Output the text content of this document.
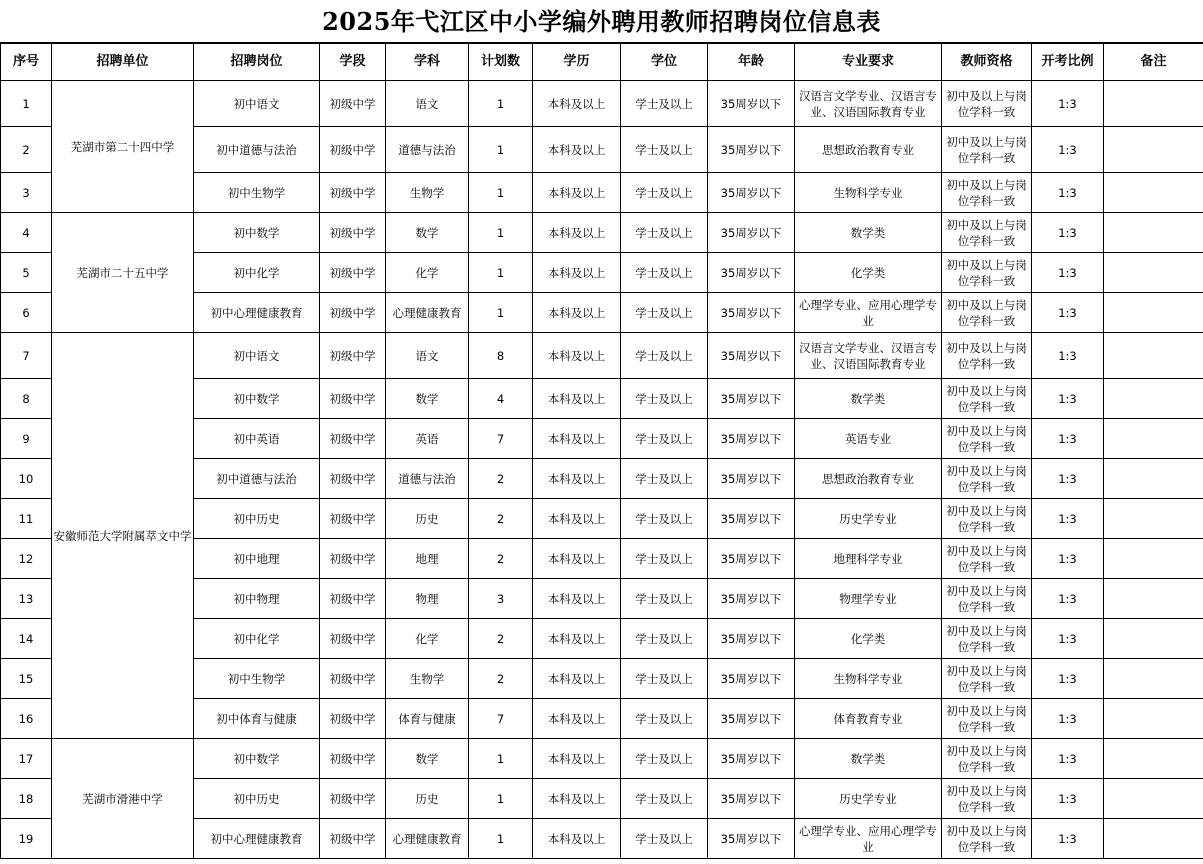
2025年弋江区中小学编外聘用教师招聘岗位信息表
序号	招聘单位	招聘岗位	学段	学科	计划数	学历	学位	年龄	专业要求	教师资格	开考比例	备注
1	芜湖市第二十四中学	初中语文	初级中学	语文	1	本科及以上	学士及以上	35周岁以下	汉语言文学专业、汉语言专业、汉语国际教育专业	初中及以上与岗位学科一致	1:3	
2		初中道德与法治	初级中学	道德与法治	1	本科及以上	学士及以上	35周岁以下	思想政治教育专业	初中及以上与岗位学科一致	1:3	
3		初中生物学	初级中学	生物学	1	本科及以上	学士及以上	35周岁以下	生物科学专业	初中及以上与岗位学科一致	1:3	
4	芜湖市二十五中学	初中数学	初级中学	数学	1	本科及以上	学士及以上	35周岁以下	数学类	初中及以上与岗位学科一致	1:3	
5		初中化学	初级中学	化学	1	本科及以上	学士及以上	35周岁以下	化学类	初中及以上与岗位学科一致	1:3	
6		初中心理健康教育	初级中学	心理健康教育	1	本科及以上	学士及以上	35周岁以下	心理学专业、应用心理学专业	初中及以上与岗位学科一致	1:3	
7	安徽师范大学附属萃文中学	初中语文	初级中学	语文	8	本科及以上	学士及以上	35周岁以下	汉语言文学专业、汉语言专业、汉语国际教育专业	初中及以上与岗位学科一致	1:3	
8		初中数学	初级中学	数学	4	本科及以上	学士及以上	35周岁以下	数学类	初中及以上与岗位学科一致	1:3	
9		初中英语	初级中学	英语	7	本科及以上	学士及以上	35周岁以下	英语专业	初中及以上与岗位学科一致	1:3	
10		初中道德与法治	初级中学	道德与法治	2	本科及以上	学士及以上	35周岁以下	思想政治教育专业	初中及以上与岗位学科一致	1:3	
11		初中历史	初级中学	历史	2	本科及以上	学士及以上	35周岁以下	历史学专业	初中及以上与岗位学科一致	1:3	
12		初中地理	初级中学	地理	2	本科及以上	学士及以上	35周岁以下	地理科学专业	初中及以上与岗位学科一致	1:3	
13		初中物理	初级中学	物理	3	本科及以上	学士及以上	35周岁以下	物理学专业	初中及以上与岗位学科一致	1:3	
14		初中化学	初级中学	化学	2	本科及以上	学士及以上	35周岁以下	化学类	初中及以上与岗位学科一致	1:3	
15		初中生物学	初级中学	生物学	2	本科及以上	学士及以上	35周岁以下	生物科学专业	初中及以上与岗位学科一致	1:3	
16		初中体育与健康	初级中学	体育与健康	7	本科及以上	学士及以上	35周岁以下	体育教育专业	初中及以上与岗位学科一致	1:3	
17	芜湖市滑港中学	初中数学	初级中学	数学	1	本科及以上	学士及以上	35周岁以下	数学类	初中及以上与岗位学科一致	1:3	
18		初中历史	初级中学	历史	1	本科及以上	学士及以上	35周岁以下	历史学专业	初中及以上与岗位学科一致	1:3	
19		初中心理健康教育	初级中学	心理健康教育	1	本科及以上	学士及以上	35周岁以下	心理学专业、应用心理学专业	初中及以上与岗位学科一致	1:3	
